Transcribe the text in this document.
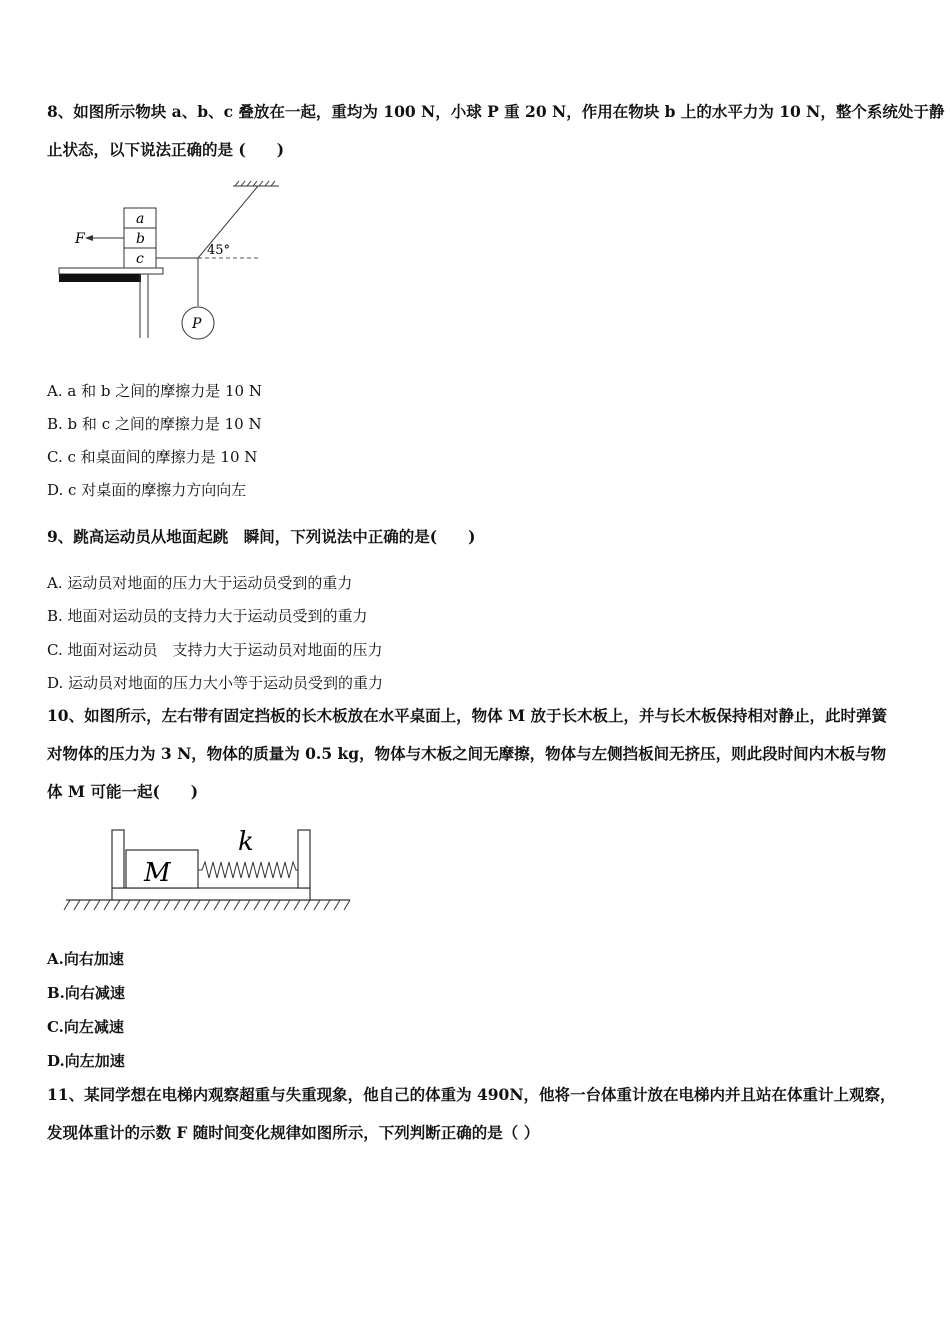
8、如图所示物块 a、b、c 叠放在一起，重均为 100 N，小球 P 重 20 N，作用在物块 b 上的水平力为 10 N，整个系统处于静
止状态，以下说法正确的是 (　　)
a
b
c
F
45°
P
A. a 和 b 之间的摩擦力是 10 N
B. b 和 c 之间的摩擦力是 10 N
C. c 和桌面间的摩擦力是 10 N
D. c 对桌面的摩擦力方向向左
9、跳高运动员从地面起跳　瞬间，下列说法中正确的是(　　)
A. 运动员对地面的压力大于运动员受到的重力
B. 地面对运动员的支持力大于运动员受到的重力
C. 地面对运动员　支持力大于运动员对地面的压力
D. 运动员对地面的压力大小等于运动员受到的重力
10、如图所示，左右带有固定挡板的长木板放在水平桌面上，物体 M 放于长木板上，并与长木板保持相对静止，此时弹簧
对物体的压力为 3 N，物体的质量为 0.5 kg，物体与木板之间无摩擦，物体与左侧挡板间无挤压，则此段时间内木板与物
体 M 可能一起(　　)
M
k
A.向右加速
B.向右减速
C.向左减速
D.向左加速
11、某同学想在电梯内观察超重与失重现象，他自己的体重为 490N，他将一台体重计放在电梯内并且站在体重计上观察，
发现体重计的示数 F 随时间变化规律如图所示，下列判断正确的是（ ）
